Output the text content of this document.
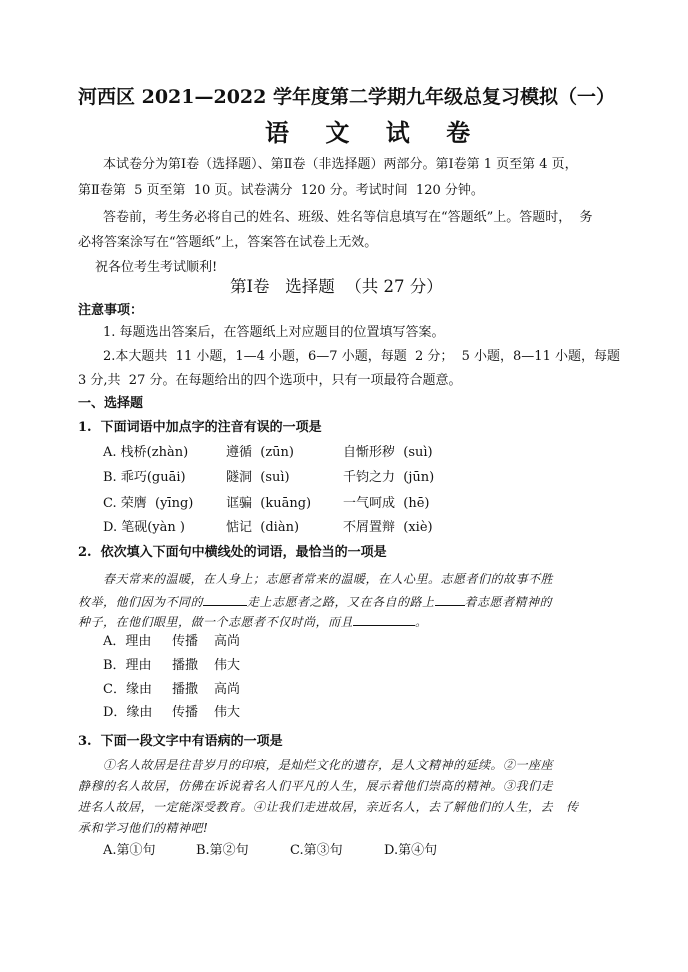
河西区 2021—2022 学年度第二学期九年级总复习模拟（一）
语 文 试 卷
本试卷分为第Ⅰ卷（选择题）、第Ⅱ卷（非选择题）两部分。第Ⅰ卷第 1 页至第 4 页，
第Ⅱ卷第  5 页至第  10 页。试卷满分  120 分。考试时间  120 分钟。
答卷前，考生务必将自己的姓名、班级、姓名等信息填写在“答题纸”上。答题时，  务
必将答案涂写在“答题纸”上，答案答在试卷上无效。
祝各位考生考试顺利!
第Ⅰ卷   选择题  （共 27 分）
注意事项：
1. 每题选出答案后，在答题纸上对应题目的位置填写答案。
2.本大题共  11 小题，1—4 小题，6—7 小题，每题  2 分；  5 小题，8—11 小题，每题
3 分,共  27 分。在每题给出的四个选项中，只有一项最符合题意。
一、选择题
1.  下面词语中加点字的注音有误的一项是
A. 栈桥(zhàn)	遵循  (zūn)	自惭形秽  (suì)
B. 乖巧(guāi)	隧洞  (suì)	千钧之力  (jūn)
C. 荣膺  (yīng)	诓骗  (kuāng) 一气呵成  (hē)
D. 笔砚(yàn )	惦记  (diàn)	不屑置辩  (xiè)
2.  依次填入下面句中横线处的词语，最恰当的一项是
春天常来的温暖，在人身上；志愿者常来的温暖，在人心里。志愿者们的故事不胜
枚举，他们因为不同的	走上志愿者之路，又在各自的路上	着志愿者精神的
种子，在他们眼里，做一个志愿者不仅时尚，而且	。
A．理由 传播 高尚
B．理由 播撒 伟大
C．缘由 播撒 高尚
D．缘由 传播 伟大
3.  下面一段文字中有语病的一项是
①名人故居是往昔岁月的印痕，是灿烂文化的遗存，是人文精神的延续。②一座座
静穆的名人故居，仿佛在诉说着名人们平凡的人生，展示着他们崇高的精神。③我们走
进名人故居，一定能深受教育。④让我们走进故居，亲近名人，去了解他们的人生，去   传
承和学习他们的精神吧!
A.第①句	B.第②句	C.第③句	D.第④句
